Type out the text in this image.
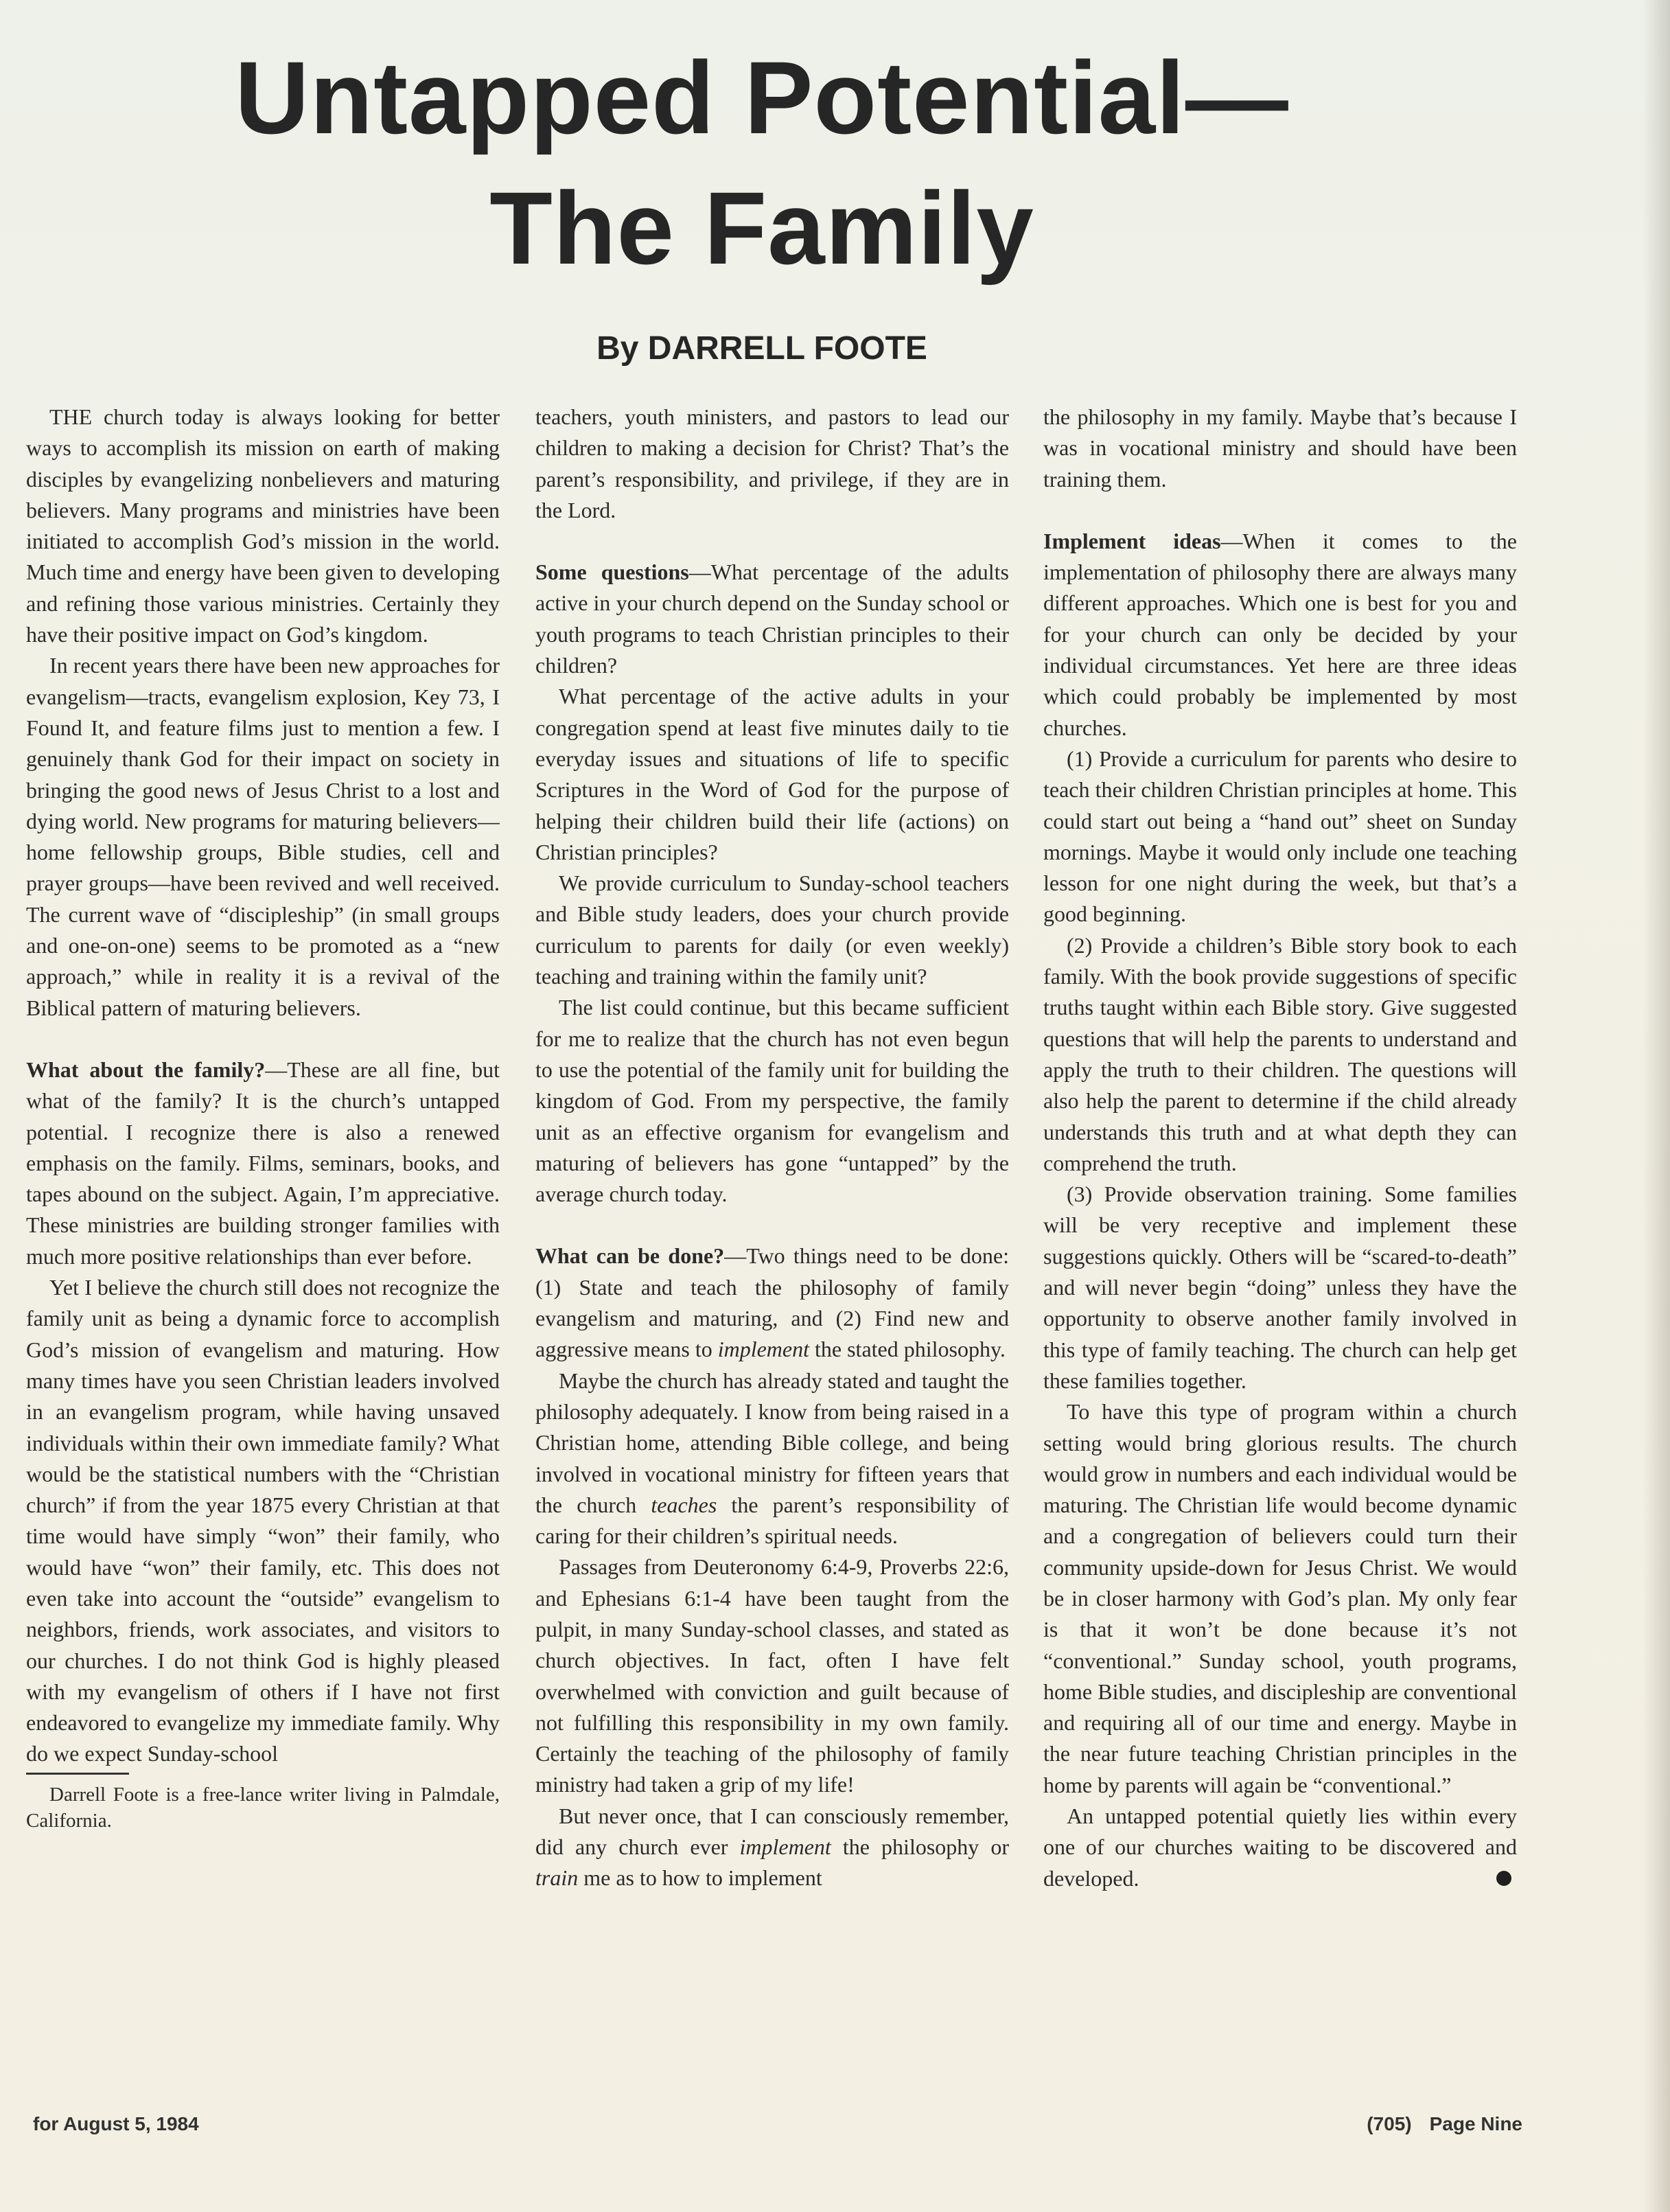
Untapped Potential—
The Family
By DARRELL FOOTE

THE church today is always looking for better ways to accomplish its mission on earth of making disciples by evangelizing nonbelievers and maturing believers. Many programs and ministries have been initiated to accomplish God’s mission in the world. Much time and energy have been given to developing and refining those various ministries. Certainly they have their positive impact on God’s kingdom.

In recent years there have been new approaches for evangelism—tracts, evangelism explosion, Key 73, I Found It, and feature films just to mention a few. I genuinely thank God for their impact on society in bringing the good news of Jesus Christ to a lost and dying world. New programs for maturing believers—home fellowship groups, Bible studies, cell and prayer groups—have been revived and well received. The current wave of “discipleship” (in small groups and one-on-one) seems to be promoted as a “new approach,” while in reality it is a revival of the Biblical pattern of maturing believers.

What about the family?—These are all fine, but what of the family? It is the church’s untapped potential. I recognize there is also a renewed emphasis on the family. Films, seminars, books, and tapes abound on the subject. Again, I’m appreciative. These ministries are building stronger families with much more positive relationships than ever before.

Yet I believe the church still does not recognize the family unit as being a dynamic force to accomplish God’s mission of evangelism and maturing. How many times have you seen Christian leaders involved in an evangelism program, while having unsaved individuals within their own immediate family? What would be the statistical numbers with the “Christian church” if from the year 1875 every Christian at that time would have simply “won” their family, who would have “won” their family, etc. This does not even take into account the “outside” evangelism to neighbors, friends, work associates, and visitors to our churches. I do not think God is highly pleased with my evangelism of others if I have not first endeavored to evangelize my immediate family. Why do we expect Sunday-school

Darrell Foote is a free-lance writer living in Palmdale, California.

teachers, youth ministers, and pastors to lead our children to making a decision for Christ? That’s the parent’s responsibility, and privilege, if they are in the Lord.

Some questions—What percentage of the adults active in your church depend on the Sunday school or youth programs to teach Christian principles to their children?

What percentage of the active adults in your congregation spend at least five minutes daily to tie everyday issues and situations of life to specific Scriptures in the Word of God for the purpose of helping their children build their life (actions) on Christian principles?

We provide curriculum to Sunday-school teachers and Bible study leaders, does your church provide curriculum to parents for daily (or even weekly) teaching and training within the family unit?

The list could continue, but this became sufficient for me to realize that the church has not even begun to use the potential of the family unit for building the kingdom of God. From my perspective, the family unit as an effective organism for evangelism and maturing of believers has gone “untapped” by the average church today.

What can be done?—Two things need to be done: (1) State and teach the philosophy of family evangelism and maturing, and (2) Find new and aggressive means to implement the stated philosophy.

Maybe the church has already stated and taught the philosophy adequately. I know from being raised in a Christian home, attending Bible college, and being involved in vocational ministry for fifteen years that the church teaches the parent’s responsibility of caring for their children’s spiritual needs.

Passages from Deuteronomy 6:4-9, Proverbs 22:6, and Ephesians 6:1-4 have been taught from the pulpit, in many Sunday-school classes, and stated as church objectives. In fact, often I have felt overwhelmed with conviction and guilt because of not fulfilling this responsibility in my own family. Certainly the teaching of the philosophy of family ministry had taken a grip of my life!

But never once, that I can consciously remember, did any church ever implement the philosophy or train me as to how to implement

the philosophy in my family. Maybe that’s because I was in vocational ministry and should have been training them.

Implement ideas—When it comes to the implementation of philosophy there are always many different approaches. Which one is best for you and for your church can only be decided by your individual circumstances. Yet here are three ideas which could probably be implemented by most churches.

(1) Provide a curriculum for parents who desire to teach their children Christian principles at home. This could start out being a “hand out” sheet on Sunday mornings. Maybe it would only include one teaching lesson for one night during the week, but that’s a good beginning.

(2) Provide a children’s Bible story book to each family. With the book provide suggestions of specific truths taught within each Bible story. Give suggested questions that will help the parents to understand and apply the truth to their children. The questions will also help the parent to determine if the child already understands this truth and at what depth they can comprehend the truth.

(3) Provide observation training. Some families will be very receptive and implement these suggestions quickly. Others will be “scared-to-death” and will never begin “doing” unless they have the opportunity to observe another family involved in this type of family teaching. The church can help get these families together.

To have this type of program within a church setting would bring glorious results. The church would grow in numbers and each individual would be maturing. The Christian life would become dynamic and a congregation of believers could turn their community upside-down for Jesus Christ. We would be in closer harmony with God’s plan. My only fear is that it won’t be done because it’s not “conventional.” Sunday school, youth programs, home Bible studies, and discipleship are conventional and requiring all of our time and energy. Maybe in the near future teaching Christian principles in the home by parents will again be “conventional.”

An untapped potential quietly lies within every one of our churches waiting to be discovered and developed.

for August 5, 1984	(705) Page Nine
